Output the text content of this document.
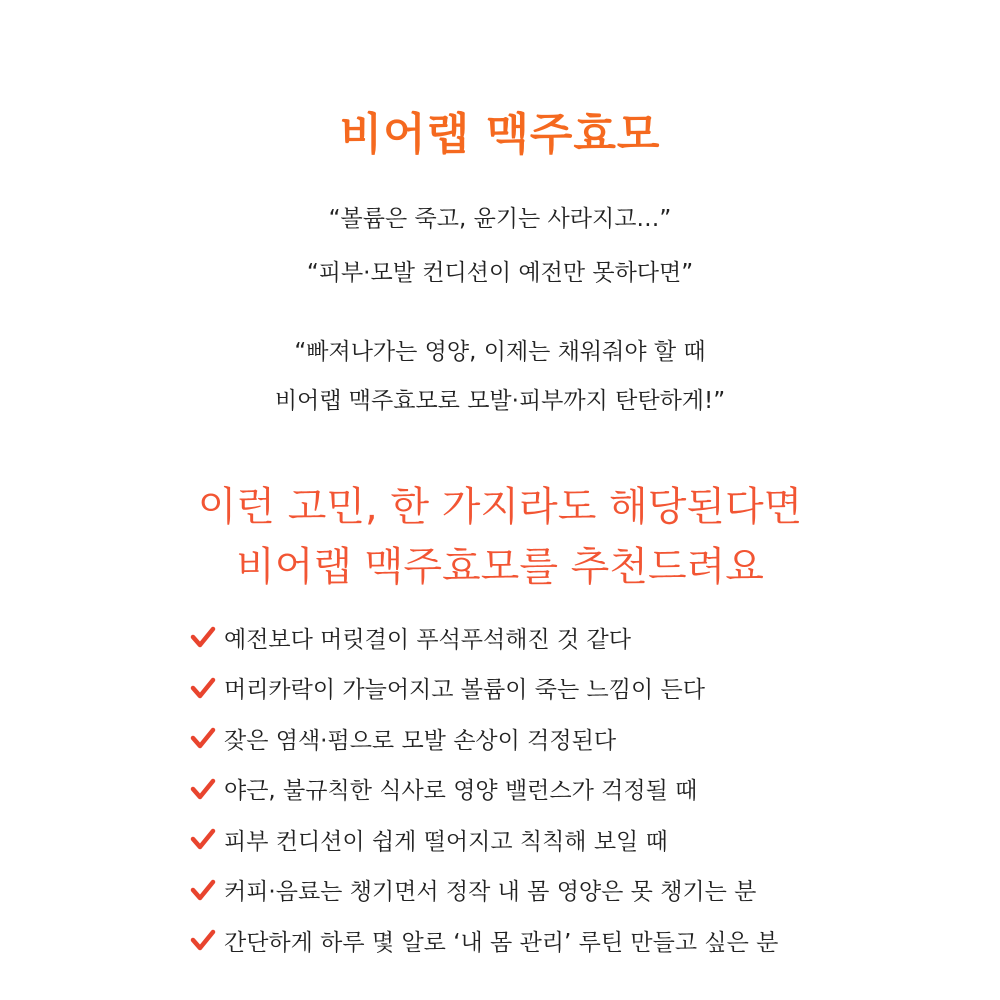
비어랩 맥주효모
“볼륨은 죽고, 윤기는 사라지고…”
“피부·모발 컨디션이 예전만 못하다면”
“빠져나가는 영양, 이제는 채워줘야 할 때
비어랩 맥주효모로 모발·피부까지 탄탄하게!”
이런 고민, 한 가지라도 해당된다면
비어랩 맥주효모를 추천드려요
예전보다 머릿결이 푸석푸석해진 것 같다
머리카락이 가늘어지고 볼륨이 죽는 느낌이 든다
잦은 염색·펌으로 모발 손상이 걱정된다
야근, 불규칙한 식사로 영양 밸런스가 걱정될 때
피부 컨디션이 쉽게 떨어지고 칙칙해 보일 때
커피·음료는 챙기면서 정작 내 몸 영양은 못 챙기는 분
간단하게 하루 몇 알로 ‘내 몸 관리’ 루틴 만들고 싶은 분
